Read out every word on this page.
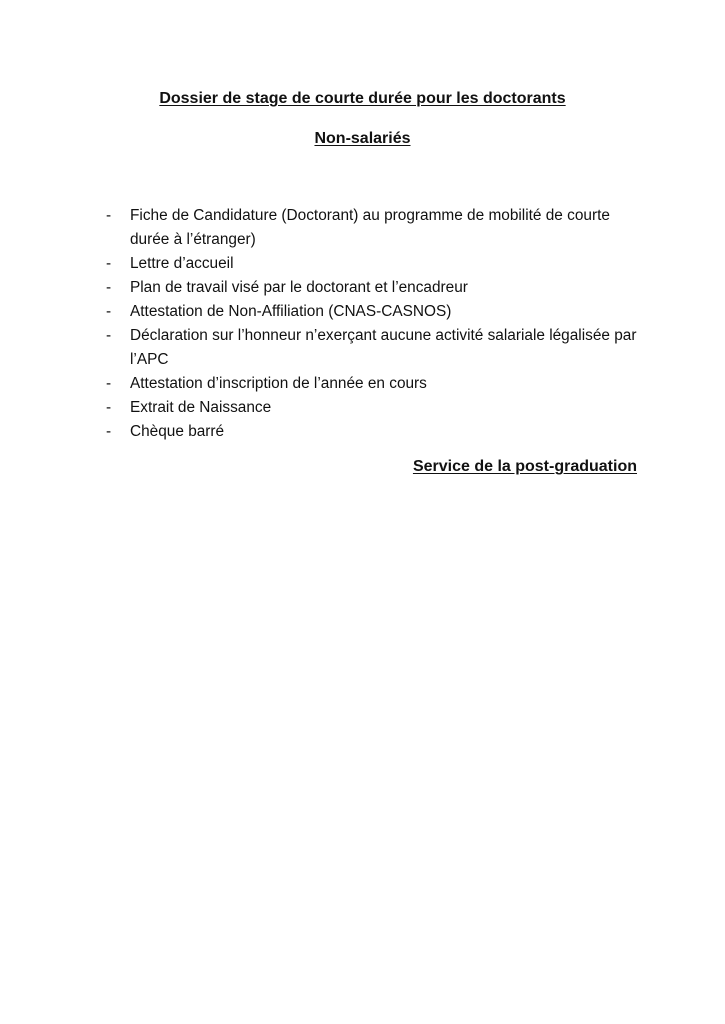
Dossier de stage de courte durée pour les doctorants
Non-salariés
-	Fiche de Candidature (Doctorant) au programme de mobilité de courte durée à l’étranger)
-	Lettre d’accueil
-	Plan de travail visé par le doctorant et l’encadreur
-	Attestation de Non-Affiliation (CNAS-CASNOS)
-	Déclaration sur l’honneur n’exerçant aucune activité salariale légalisée par l’APC
-	Attestation d’inscription de l’année en cours
-	Extrait de Naissance
-	Chèque barré

Service de la post-graduation
